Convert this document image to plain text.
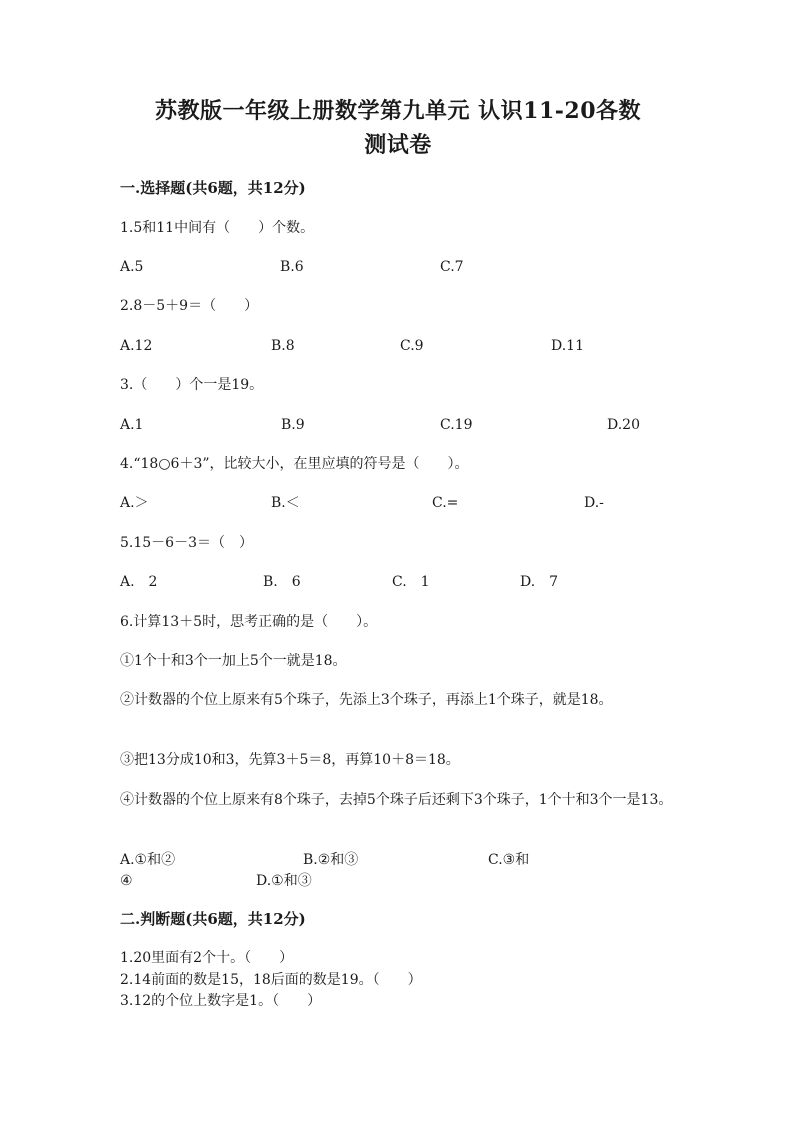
苏教版一年级上册数学第九单元 认识11-20各数
测试卷
一.选择题(共6题，共12分)
1.5和11中间有（　　）个数。
A.5	B.6	C.7
2.8－5＋9＝（　　）
A.12	B.8	C.9	D.11
3.（　　）个一是19。
A.1	B.9	C.19	D.20
4.“18○6＋3”，比较大小，在里应填的符号是（　　）。
A.＞	B.＜	C.=	D.-
5.15－6－3＝（　）
A.　2	B.　6	C.　1	D.　7
6.计算13＋5时，思考正确的是（　　）。
①1个十和3个一加上5个一就是18。
②计数器的个位上原来有5个珠子，先添上3个珠子，再添上1个珠子，就是18。
③把13分成10和3，先算3＋5＝8，再算10＋8＝18。
④计数器的个位上原来有8个珠子，去掉5个珠子后还剩下3个珠子，1个十和3个一是13。
A.①和②	B.②和③	C.③和
④	D.①和③
二.判断题(共6题，共12分)
1.20里面有2个十。（　　）
2.14前面的数是15，18后面的数是19。（　　）
3.12的个位上数字是1。（　　）
